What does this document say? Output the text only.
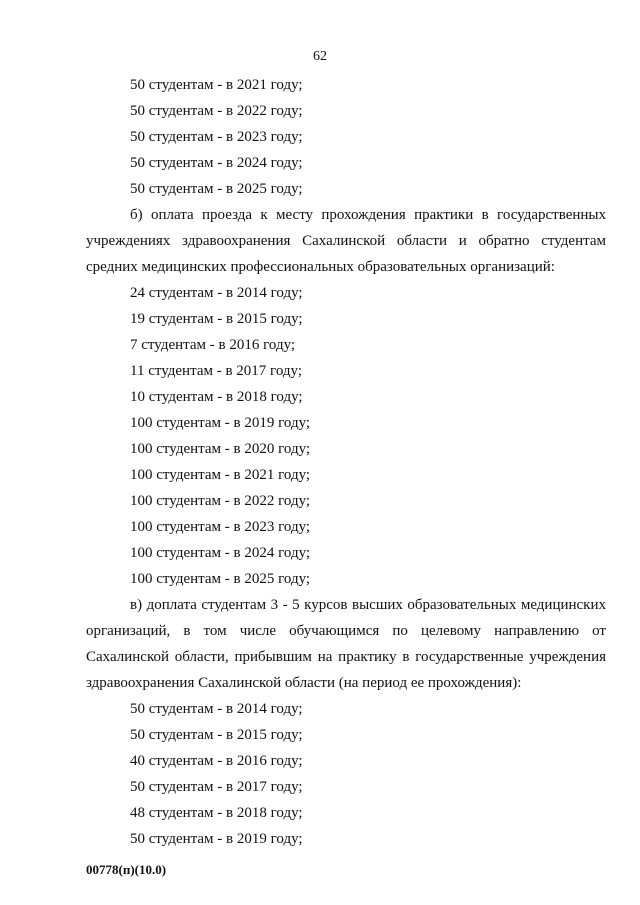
62
50 студентам - в 2021 году;
50 студентам - в 2022 году;
50 студентам - в 2023 году;
50 студентам - в 2024 году;
50 студентам - в 2025 году;

б) оплата проезда к месту прохождения практики в государственных учреждениях здравоохранения Сахалинской области и обратно студентам средних медицинских профессиональных образовательных организаций:

24 студентам - в 2014 году;
19 студентам - в 2015 году;
7 студентам - в 2016 году;
11 студентам - в 2017 году;
10 студентам - в 2018 году;
100 студентам - в 2019 году;
100 студентам - в 2020 году;
100 студентам - в 2021 году;
100 студентам - в 2022 году;
100 студентам - в 2023 году;
100 студентам - в 2024 году;
100 студентам - в 2025 году;

в) доплата студентам 3 - 5 курсов высших образовательных медицинских организаций, в том числе обучающимся по целевому направлению от Сахалинской области, прибывшим на практику в государственные учреждения здравоохранения Сахалинской области (на период ее прохождения):

50 студентам - в 2014 году;
50 студентам - в 2015 году;
40 студентам - в 2016 году;
50 студентам - в 2017 году;
48 студентам - в 2018 году;
50 студентам - в 2019 году;
00778(п)(10.0)
